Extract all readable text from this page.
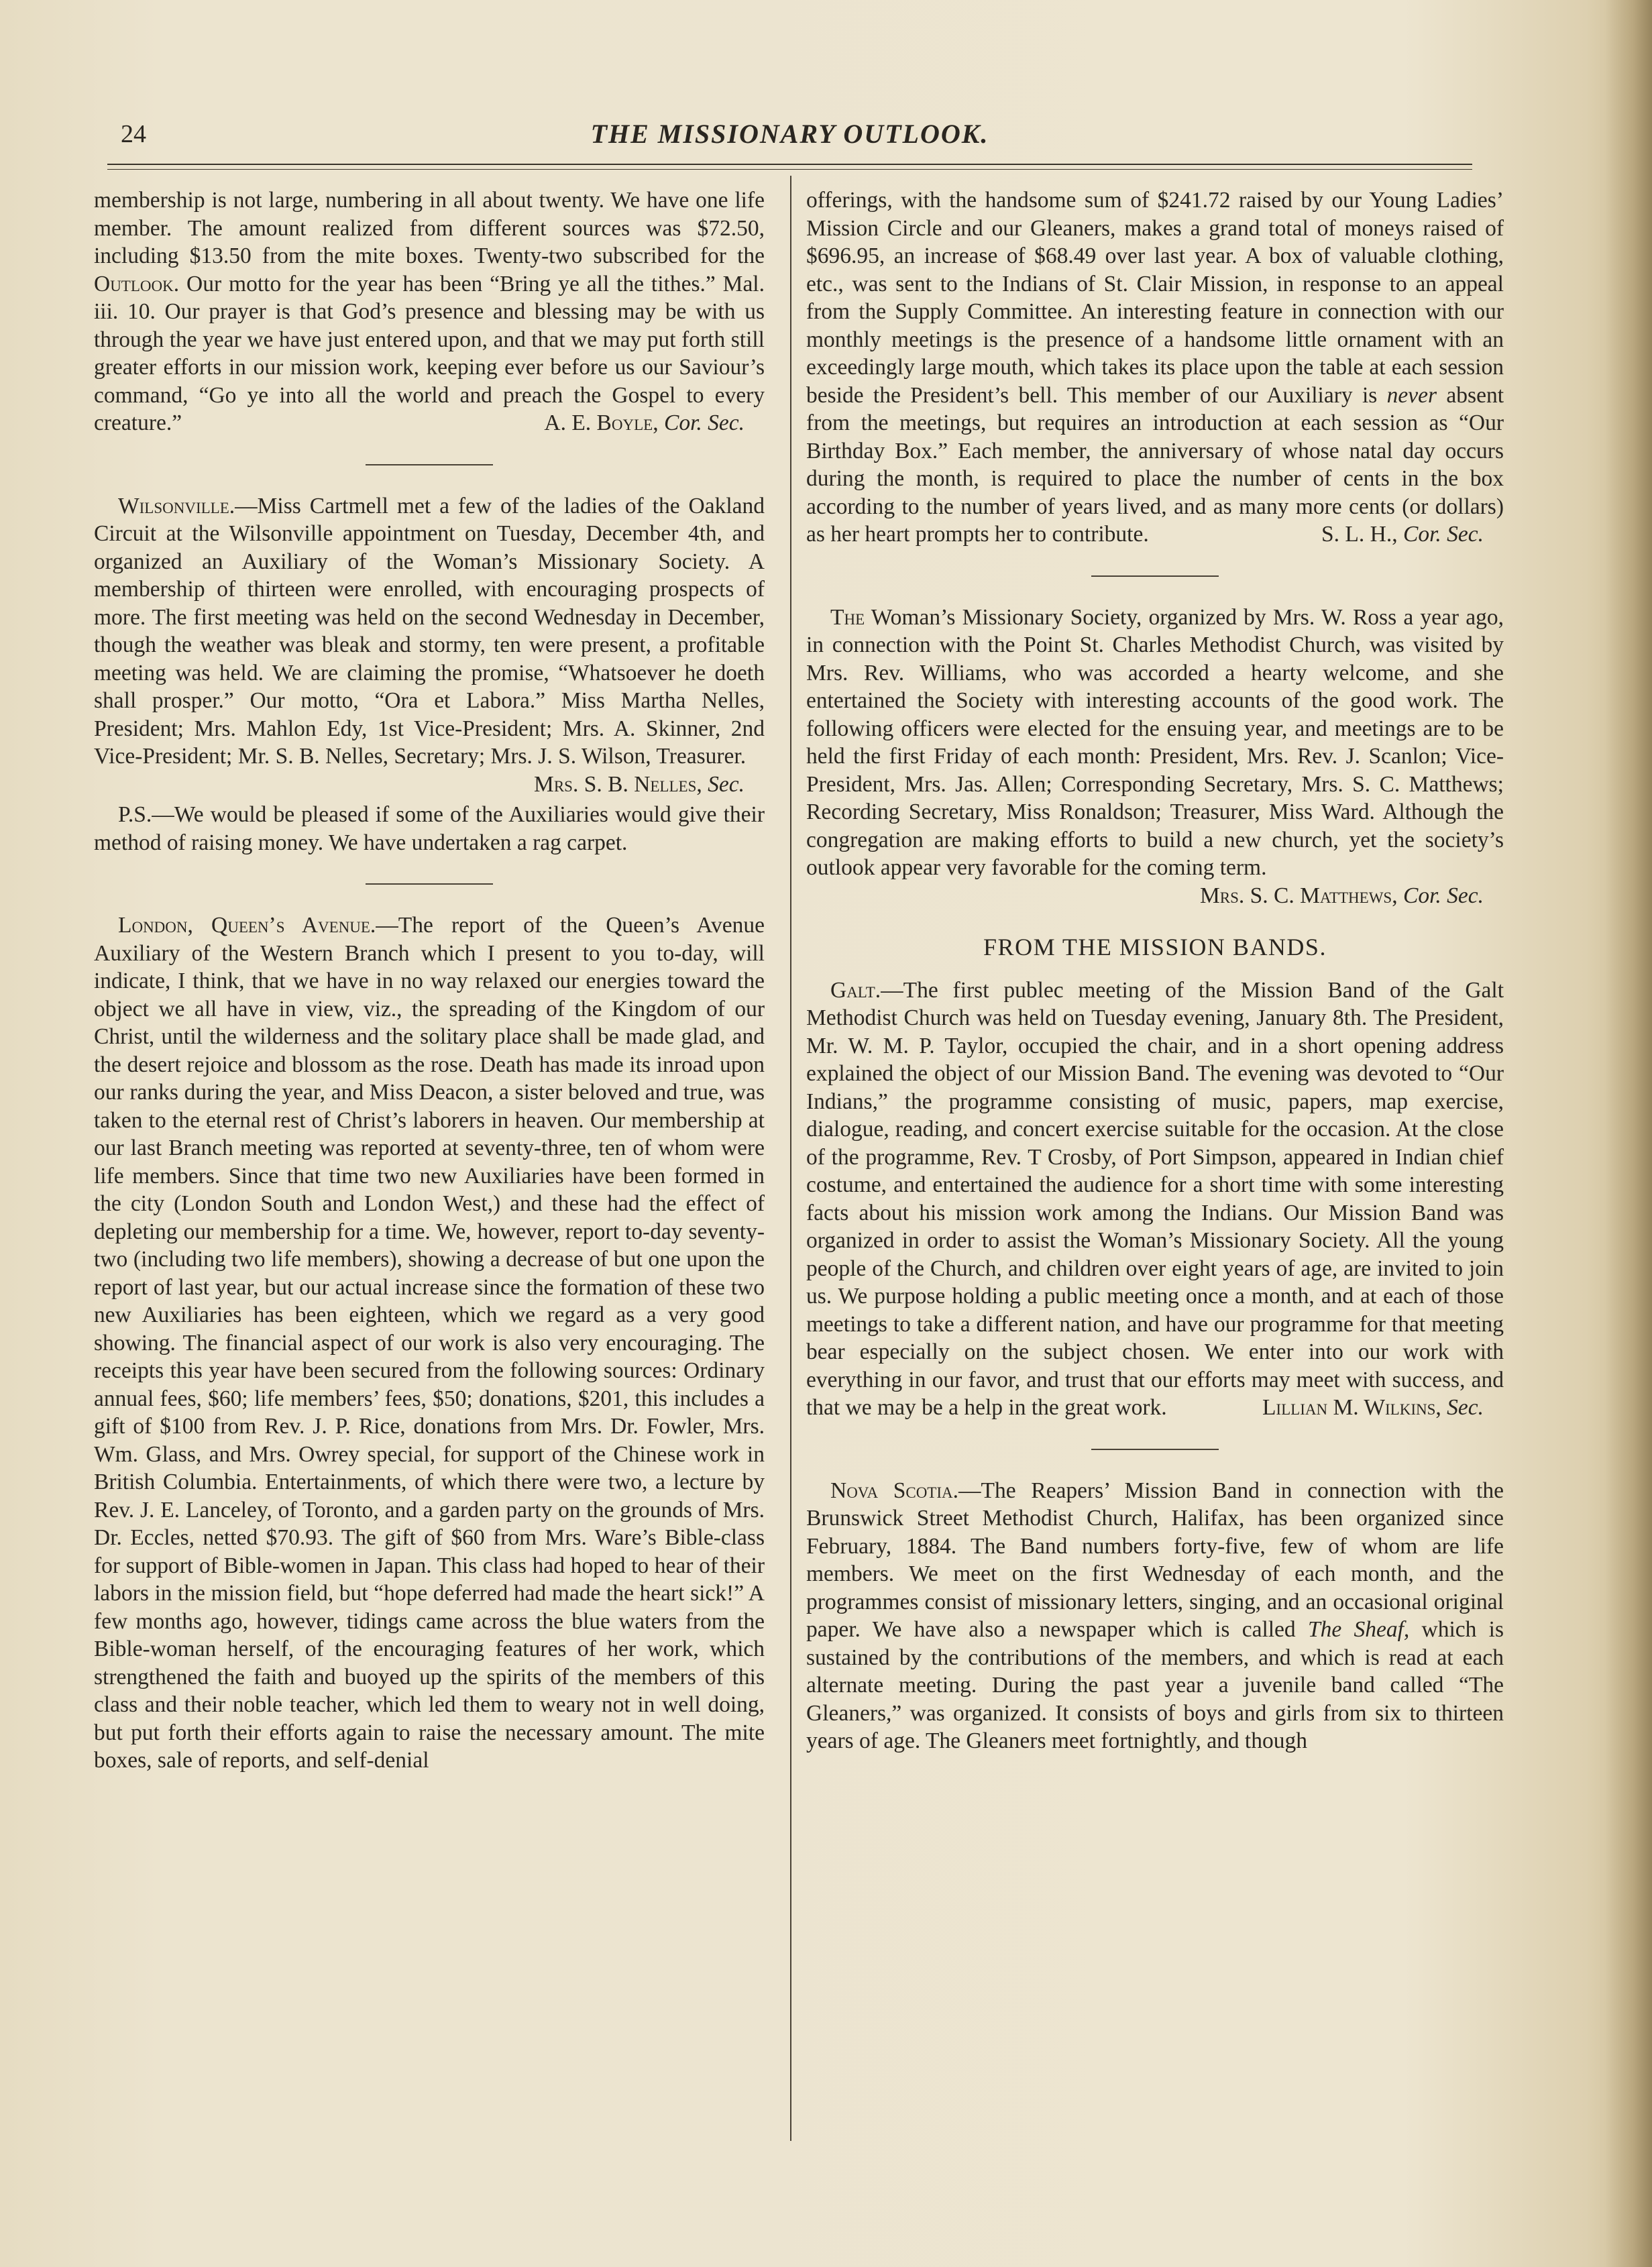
24	THE MISSIONARY OUTLOOK.

membership is not large, numbering in all about twenty. We have one life member. The amount realized from different sources was $72.50, including $13.50 from the mite boxes. Twenty-two subscribed for the Outlook. Our motto for the year has been “Bring ye all the tithes.” Mal. iii. 10. Our prayer is that God’s presence and blessing may be with us through the year we have just entered upon, and that we may put forth still greater efforts in our mission work, keeping ever before us our Saviour’s command, “Go ye into all the world and preach the Gospel to every creature.”	A. E. Boyle, Cor. Sec.

Wilsonville.—Miss Cartmell met a few of the ladies of the Oakland Circuit at the Wilsonville appointment on Tuesday, December 4th, and organized an Auxiliary of the Woman’s Missionary Society. A membership of thirteen were enrolled, with encouraging prospects of more. The first meeting was held on the second Wednesday in December, though the weather was bleak and stormy, ten were present, a profitable meeting was held. We are claiming the promise, “Whatsoever he doeth shall prosper.” Our motto, “Ora et Labora.” Miss Martha Nelles, President; Mrs. Mahlon Edy, 1st Vice-President; Mrs. A. Skinner, 2nd Vice-President; Mr. S. B. Nelles, Secretary; Mrs. J. S. Wilson, Treasurer.
Mrs. S. B. Nelles, Sec.

P.S.—We would be pleased if some of the Auxiliaries would give their method of raising money. We have undertaken a rag carpet.

London, Queen’s Avenue.—The report of the Queen’s Avenue Auxiliary of the Western Branch which I present to you to-day, will indicate, I think, that we have in no way relaxed our energies toward the object we all have in view, viz., the spreading of the Kingdom of our Christ, until the wilderness and the solitary place shall be made glad, and the desert rejoice and blossom as the rose. Death has made its inroad upon our ranks during the year, and Miss Deacon, a sister beloved and true, was taken to the eternal rest of Christ’s laborers in heaven. Our membership at our last Branch meeting was reported at seventy-three, ten of whom were life members. Since that time two new Auxiliaries have been formed in the city (London South and London West,) and these had the effect of depleting our membership for a time. We, however, report to-day seventy-two (including two life members), showing a decrease of but one upon the report of last year, but our actual increase since the formation of these two new Auxiliaries has been eighteen, which we regard as a very good showing. The financial aspect of our work is also very encouraging. The receipts this year have been secured from the following sources: Ordinary annual fees, $60; life members’ fees, $50; donations, $201, this includes a gift of $100 from Rev. J. P. Rice, donations from Mrs. Dr. Fowler, Mrs. Wm. Glass, and Mrs. Owrey special, for support of the Chinese work in British Columbia. Entertainments, of which there were two, a lecture by Rev. J. E. Lanceley, of Toronto, and a garden party on the grounds of Mrs. Dr. Eccles, netted $70.93. The gift of $60 from Mrs. Ware’s Bible-class for support of Bible-women in Japan. This class had hoped to hear of their labors in the mission field, but “hope deferred had made the heart sick!” A few months ago, however, tidings came across the blue waters from the Bible-woman herself, of the encouraging features of her work, which strengthened the faith and buoyed up the spirits of the members of this class and their noble teacher, which led them to weary not in well doing, but put forth their efforts again to raise the necessary amount. The mite boxes, sale of reports, and self-denial

offerings, with the handsome sum of $241.72 raised by our Young Ladies’ Mission Circle and our Gleaners, makes a grand total of moneys raised of $696.95, an increase of $68.49 over last year. A box of valuable clothing, etc., was sent to the Indians of St. Clair Mission, in response to an appeal from the Supply Committee. An interesting feature in connection with our monthly meetings is the presence of a handsome little ornament with an exceedingly large mouth, which takes its place upon the table at each session beside the President’s bell. This member of our Auxiliary is never absent from the meetings, but requires an introduction at each session as “Our Birthday Box.” Each member, the anniversary of whose natal day occurs during the month, is required to place the number of cents in the box according to the number of years lived, and as many more cents (or dollars) as her heart prompts her to contribute.	S. L. H., Cor. Sec.

The Woman’s Missionary Society, organized by Mrs. W. Ross a year ago, in connection with the Point St. Charles Methodist Church, was visited by Mrs. Rev. Williams, who was accorded a hearty welcome, and she entertained the Society with interesting accounts of the good work. The following officers were elected for the ensuing year, and meetings are to be held the first Friday of each month: President, Mrs. Rev. J. Scanlon; Vice-President, Mrs. Jas. Allen; Corresponding Secretary, Mrs. S. C. Matthews; Recording Secretary, Miss Ronaldson; Treasurer, Miss Ward. Although the congregation are making efforts to build a new church, yet the society’s outlook appear very favorable for the coming term.
Mrs. S. C. Matthews, Cor. Sec.

FROM THE MISSION BANDS.

Galt.—The first publec meeting of the Mission Band of the Galt Methodist Church was held on Tuesday evening, January 8th. The President, Mr. W. M. P. Taylor, occupied the chair, and in a short opening address explained the object of our Mission Band. The evening was devoted to “Our Indians,” the programme consisting of music, papers, map exercise, dialogue, reading, and concert exercise suitable for the occasion. At the close of the programme, Rev. T Crosby, of Port Simpson, appeared in Indian chief costume, and entertained the audience for a short time with some interesting facts about his mission work among the Indians. Our Mission Band was organized in order to assist the Woman’s Missionary Society. All the young people of the Church, and children over eight years of age, are invited to join us. We purpose holding a public meeting once a month, and at each of those meetings to take a different nation, and have our programme for that meeting bear especially on the subject chosen. We enter into our work with everything in our favor, and trust that our efforts may meet with success, and that we may be a help in the great work.	Lillian M. Wilkins, Sec.

Nova Scotia.—The Reapers’ Mission Band in connection with the Brunswick Street Methodist Church, Halifax, has been organized since February, 1884. The Band numbers forty-five, few of whom are life members. We meet on the first Wednesday of each month, and the programmes consist of missionary letters, singing, and an occasional original paper. We have also a newspaper which is called The Sheaf, which is sustained by the contributions of the members, and which is read at each alternate meeting. During the past year a juvenile band called “The Gleaners,” was organized. It consists of boys and girls from six to thirteen years of age. The Gleaners meet fortnightly, and though
